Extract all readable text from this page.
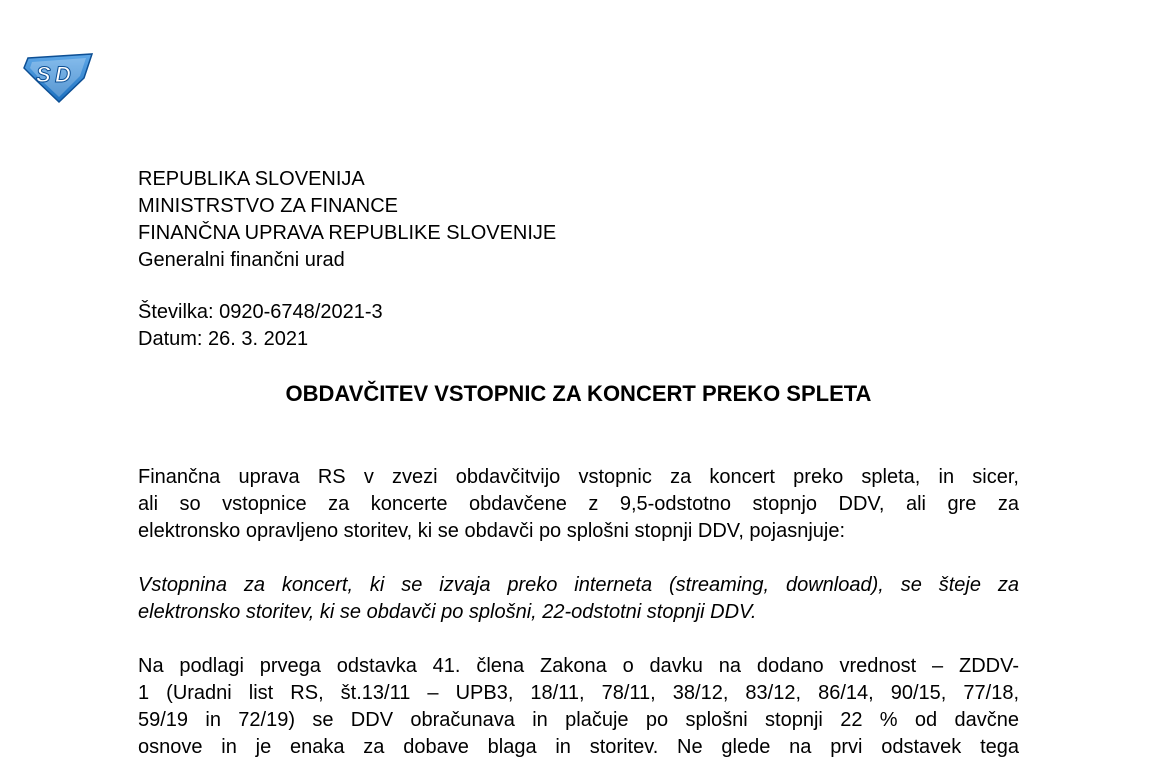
S D
REPUBLIKA SLOVENIJA
MINISTRSTVO ZA FINANCE
FINANČNA UPRAVA REPUBLIKE SLOVENIJE
Generalni finančni urad
Številka: 0920-6748/2021-3
Datum: 26. 3. 2021
OBDAVČITEV VSTOPNIC ZA KONCERT PREKO SPLETA
Finančna uprava RS v zvezi obdavčitvijo vstopnic za koncert preko spleta, in sicer,
ali so vstopnice za koncerte obdavčene z 9,5-odstotno stopnjo DDV, ali gre za
elektronsko opravljeno storitev, ki se obdavči po splošni stopnji DDV, pojasnjuje:
Vstopnina za koncert, ki se izvaja preko interneta (streaming, download), se šteje za
elektronsko storitev, ki se obdavči po splošni, 22-odstotni stopnji DDV.
Na podlagi prvega odstavka 41. člena Zakona o davku na dodano vrednost – ZDDV-
1 (Uradni list RS, št.13/11 – UPB3, 18/11, 78/11, 38/12, 83/12, 86/14, 90/15, 77/18,
59/19 in 72/19) se DDV obračunava in plačuje po splošni stopnji 22 % od davčne
osnove in je enaka za dobave blaga in storitev. Ne glede na prvi odstavek tega
